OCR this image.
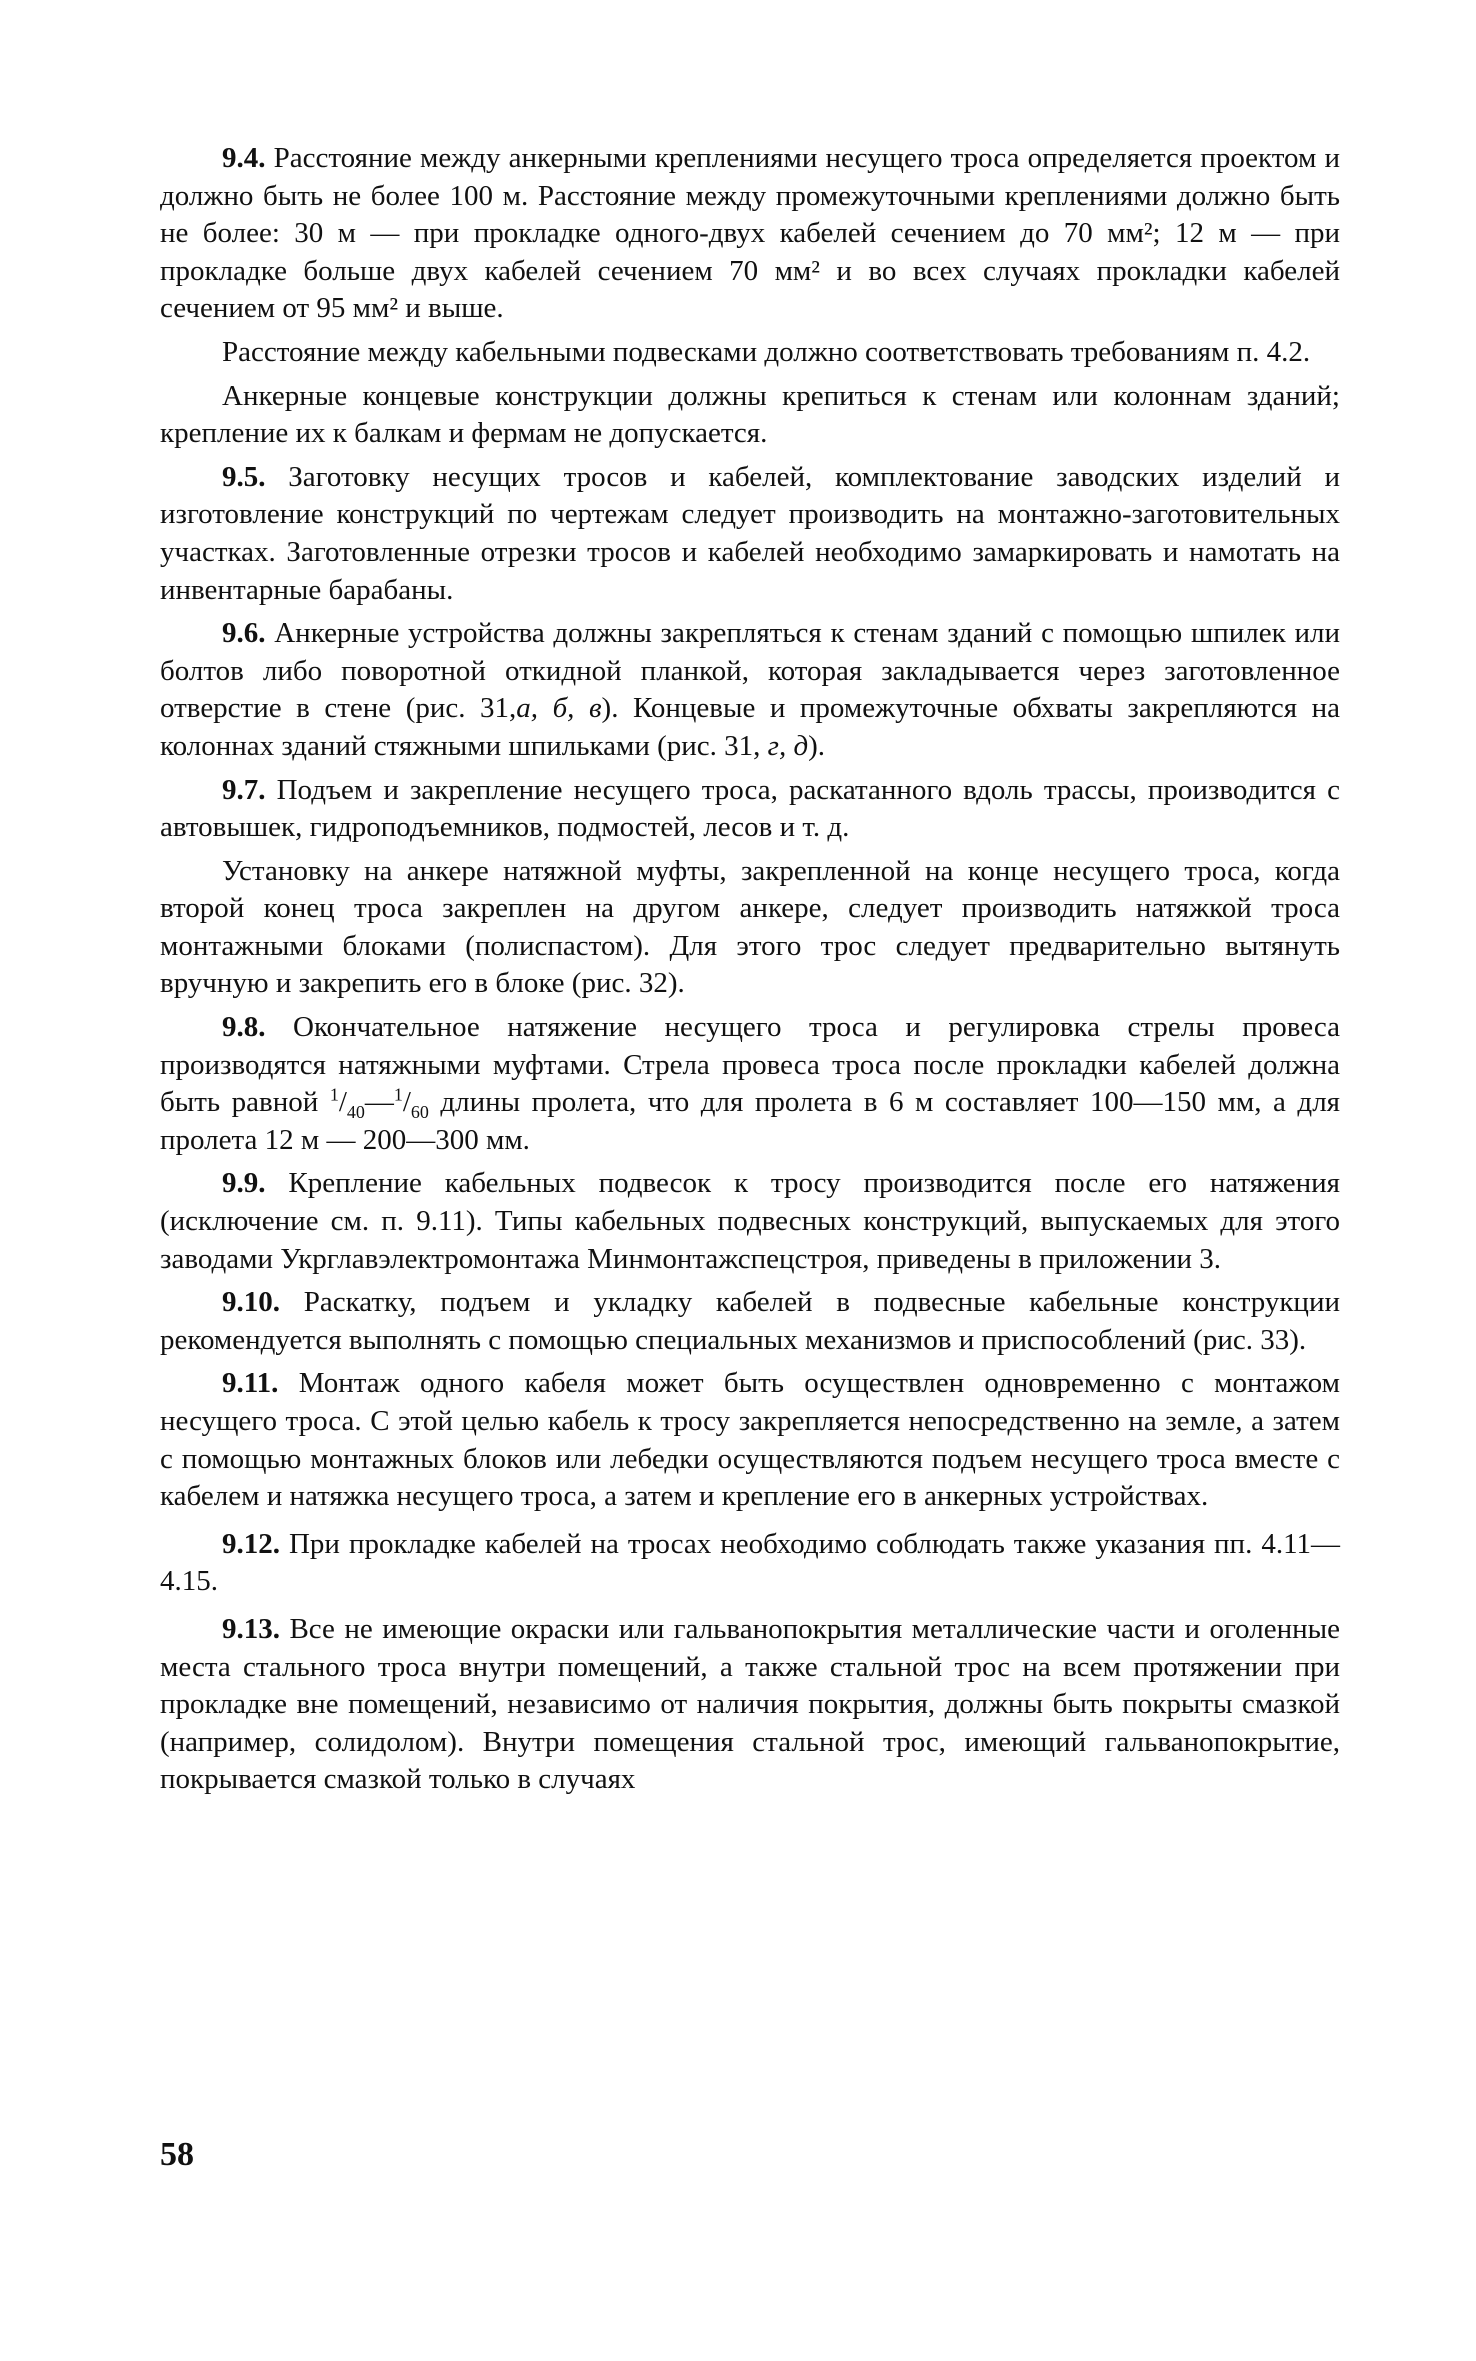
9.4. Расстояние между анкерными креплениями несущего троса определяется проектом и должно быть не более 100 м. Расстояние между промежуточными креплениями должно быть не более: 30 м — при прокладке одного-двух кабелей сечением до 70 мм²; 12 м — при прокладке больше двух кабелей сечением 70 мм² и во всех случаях прокладки кабелей сечением от 95 мм² и выше.

Расстояние между кабельными подвесками должно соответствовать требованиям п. 4.2.

Анкерные концевые конструкции должны крепиться к стенам или колоннам зданий; крепление их к балкам и фермам не допускается.

9.5. Заготовку несущих тросов и кабелей, комплектование заводских изделий и изготовление конструкций по чертежам следует производить на монтажно-заготовительных участках. Заготовленные отрезки тросов и кабелей необходимо замаркировать и намотать на инвентарные барабаны.

9.6. Анкерные устройства должны закрепляться к стенам зданий с помощью шпилек или болтов либо поворотной откидной планкой, которая закладывается через заготовленное отверстие в стене (рис. 31,а, б, в). Концевые и промежуточные обхваты закрепляются на колоннах зданий стяжными шпильками (рис. 31, г, д).

9.7. Подъем и закрепление несущего троса, раскатанного вдоль трассы, производится с автовышек, гидроподъемников, подмостей, лесов и т. д.

Установку на анкере натяжной муфты, закрепленной на конце несущего троса, когда второй конец троса закреплен на другом анкере, следует производить натяжкой троса монтажными блоками (полиспастом). Для этого трос следует предварительно вытянуть вручную и закрепить его в блоке (рис. 32).

9.8. Окончательное натяжение несущего троса и регулировка стрелы провеса производятся натяжными муфтами. Стрела провеса троса после прокладки кабелей должна быть равной $^1/_{40}—^1/_{60}$ длины пролета, что для пролета в 6 м составляет 100—150 мм, а для пролета 12 м — 200—300 мм.

9.9. Крепление кабельных подвесок к тросу производится после его натяжения (исключение см. п. 9.11). Типы кабельных подвесных конструкций, выпускаемых для этого заводами Укрглавэлектромонтажа Минмонтажспецстроя, приведены в приложении 3.

9.10. Раскатку, подъем и укладку кабелей в подвесные кабельные конструкции рекомендуется выполнять с помощью специальных механизмов и приспособлений (рис. 33).

9.11. Монтаж одного кабеля может быть осуществлен одновременно с монтажом несущего троса. С этой целью кабель к тросу закрепляется непосредственно на земле, а затем с помощью монтажных блоков или лебедки осуществляются подъем несущего троса вместе с кабелем и натяжка несущего троса, а затем и крепление его в анкерных устройствах.

9.12. При прокладке кабелей на тросах необходимо соблюдать также указания пп. 4.11—4.15.

9.13. Все не имеющие окраски или гальванопокрытия металлические части и оголенные места стального троса внутри помещений, а также стальной трос на всем протяжении при прокладке вне помещений, независимо от наличия покрытия, должны быть покрыты смазкой (например, солидолом). Внутри помещения стальной трос, имеющий гальванопокрытие, покрывается смазкой только в случаях

58
